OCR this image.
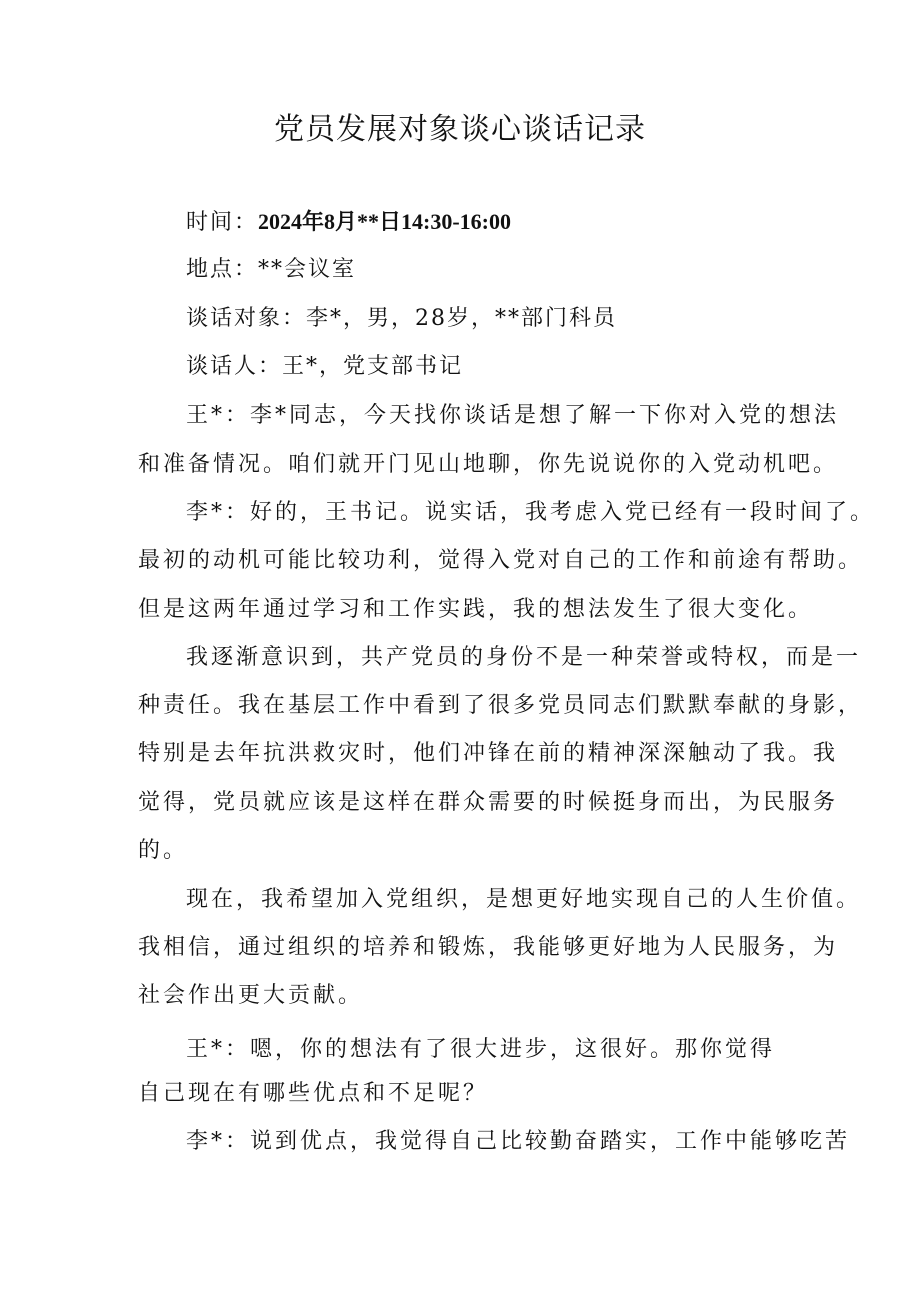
党员发展对象谈心谈话记录
时间：2024年8月**日14:30-16:00
地点：**会议室
谈话对象：李*，男，28岁，**部门科员
谈话人：王*，党支部书记
王*：李*同志，今天找你谈话是想了解一下你对入党的想法
和准备情况。咱们就开门见山地聊，你先说说你的入党动机吧。
李*：好的，王书记。说实话，我考虑入党已经有一段时间了。
最初的动机可能比较功利，觉得入党对自己的工作和前途有帮助。
但是这两年通过学习和工作实践，我的想法发生了很大变化。
我逐渐意识到，共产党员的身份不是一种荣誉或特权，而是一
种责任。我在基层工作中看到了很多党员同志们默默奉献的身影，
特别是去年抗洪救灾时，他们冲锋在前的精神深深触动了我。我
觉得，党员就应该是这样在群众需要的时候挺身而出，为民服务
的。
现在，我希望加入党组织，是想更好地实现自己的人生价值。
我相信，通过组织的培养和锻炼，我能够更好地为人民服务，为
社会作出更大贡献。
王*：嗯，你的想法有了很大进步，这很好。那你觉得
自己现在有哪些优点和不足呢？
李*：说到优点，我觉得自己比较勤奋踏实，工作中能够吃苦
